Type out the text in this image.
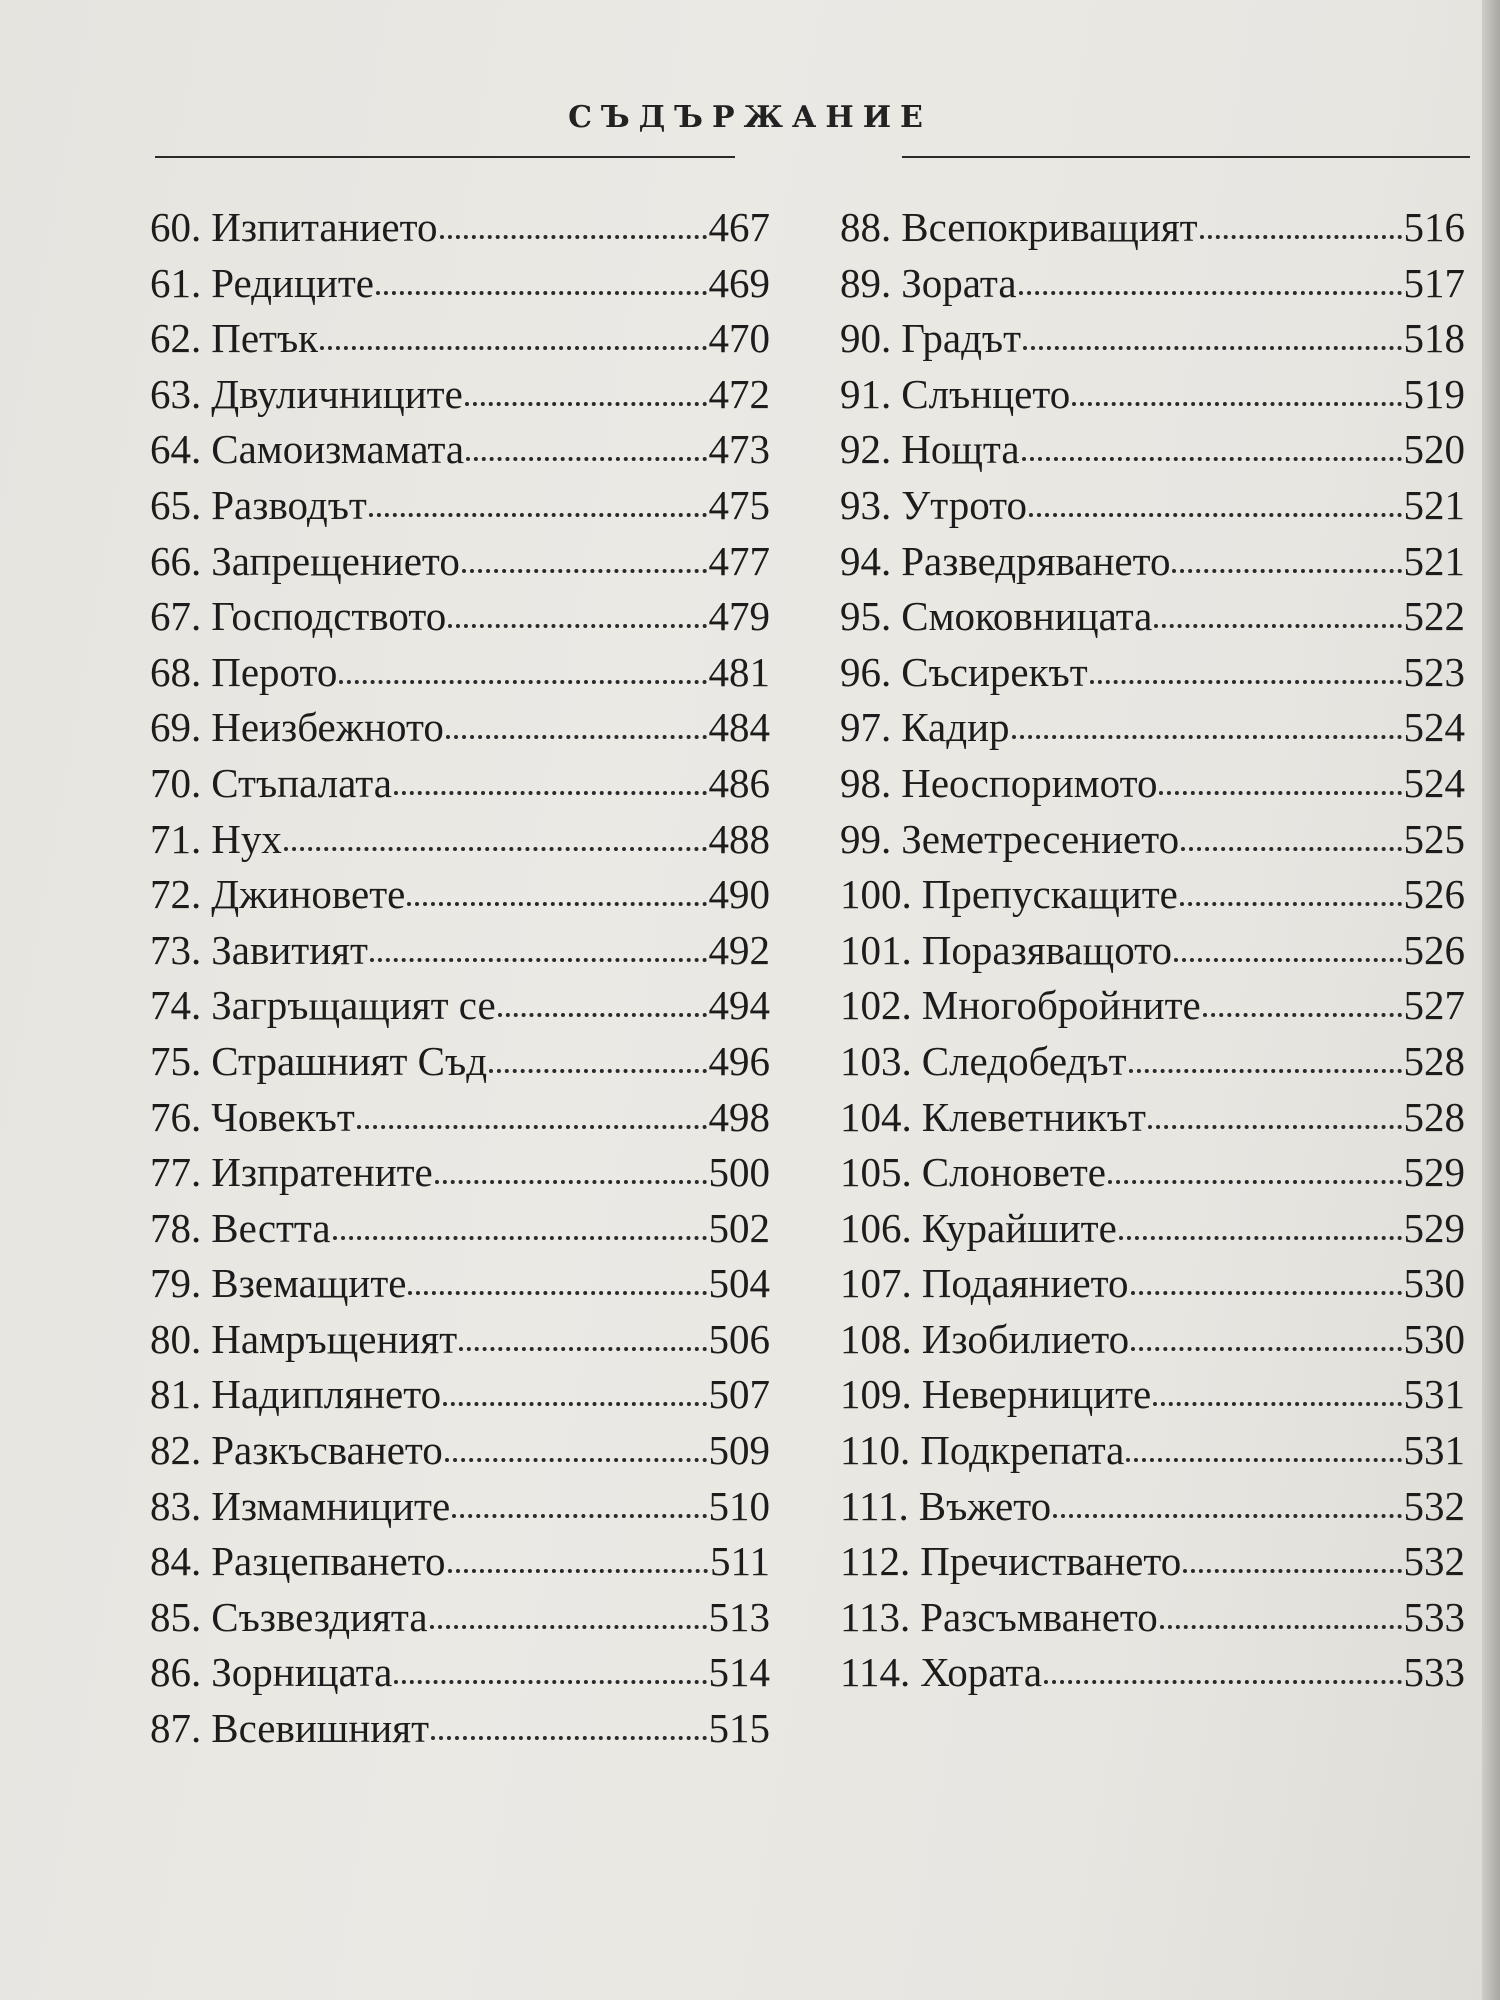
СЪДЪРЖАНИЕ
60. Изпитанието	467
61. Редиците	469
62. Петък	470
63. Двуличниците	472
64. Самоизмамата	473
65. Разводът	475
66. Запрещението	477
67. Господството	479
68. Перото	481
69. Неизбежното	484
70. Стъпалата	486
71. Нух	488
72. Джиновете	490
73. Завитият	492
74. Загръщащият се	494
75. Страшният Съд	496
76. Човекът	498
77. Изпратените	500
78. Вестта	502
79. Вземащите	504
80. Намръщеният	506
81. Надиплянето	507
82. Разкъсването	509
83. Измамниците	510
84. Разцепването	511
85. Съзвездията	513
86. Зорницата	514
87. Всевишният	515
88. Всепокриващият	516
89. Зората	517
90. Градът	518
91. Слънцето	519
92. Нощта	520
93. Утрото	521
94. Разведряването	521
95. Смоковницата	522
96. Съсирекът	523
97. Кадир	524
98. Неоспоримото	524
99. Земетресението	525
100. Препускащите	526
101. Поразяващото	526
102. Многобройните	527
103. Следобедът	528
104. Клеветникът	528
105. Слоновете	529
106. Курайшите	529
107. Подаянието	530
108. Изобилието	530
109. Неверниците	531
110. Подкрепата	531
111. Въжето	532
112. Пречистването	532
113. Разсъмването	533
114. Хората	533
